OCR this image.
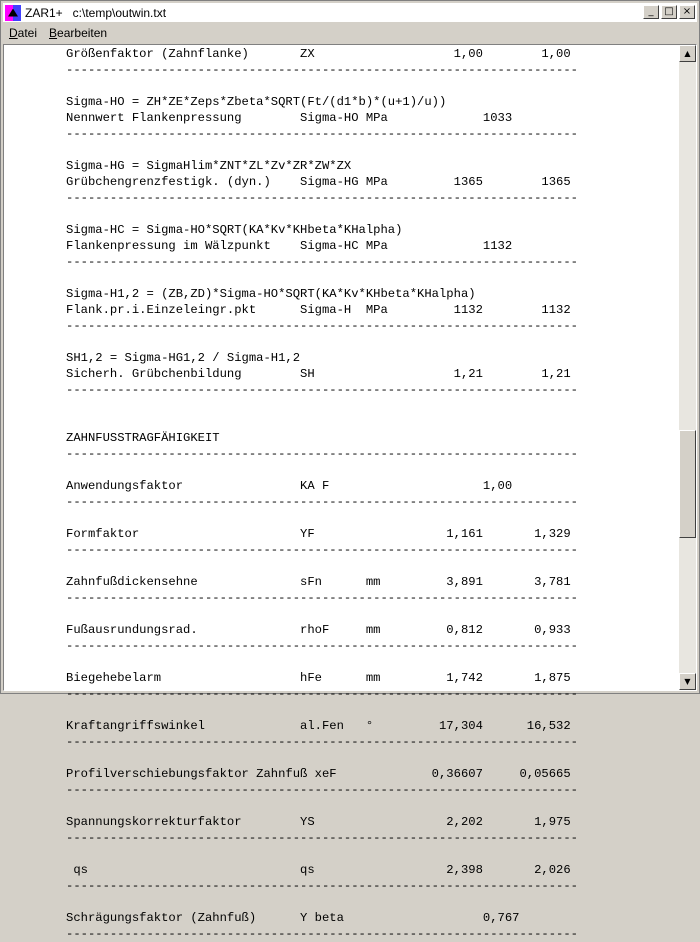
ZAR1+   c:\temp\outwin.txt	_	□ ×
Datei	Bearbeiten
Größenfaktor (Zahnflanke)       ZX                   1,00        1,00
----------------------------------------------------------------------
Sigma-HO = ZH*ZE*Zeps*Zbeta*SQRT(Ft/(d1*b)*(u+1)/u))
Nennwert Flankenpressung        Sigma-HO MPa             1033
----------------------------------------------------------------------
Sigma-HG = SigmaHlim*ZNT*ZL*Zv*ZR*ZW*ZX
Grübchengrenzfestigk. (dyn.)    Sigma-HG MPa         1365        1365
----------------------------------------------------------------------
Sigma-HC = Sigma-HO*SQRT(KA*Kv*KHbeta*KHalpha)
Flankenpressung im Wälzpunkt    Sigma-HC MPa             1132
----------------------------------------------------------------------
Sigma-H1,2 = (ZB,ZD)*Sigma-HO*SQRT(KA*Kv*KHbeta*KHalpha)
Flank.pr.i.Einzeleingr.pkt      Sigma-H  MPa         1132        1132
----------------------------------------------------------------------
SH1,2 = Sigma-HG1,2 / Sigma-H1,2
Sicherh. Grübchenbildung        SH                   1,21        1,21
----------------------------------------------------------------------
ZAHNFUSSTRAGFÄHIGKEIT
----------------------------------------------------------------------
Anwendungsfaktor                KA F                     1,00
----------------------------------------------------------------------
Formfaktor                      YF                  1,161       1,329
----------------------------------------------------------------------
Zahnfußdickensehne              sFn      mm         3,891       3,781
----------------------------------------------------------------------
Fußausrundungsrad.              rhoF     mm         0,812       0,933
----------------------------------------------------------------------
Biegehebelarm                   hFe      mm         1,742       1,875
----------------------------------------------------------------------
Kraftangriffswinkel             al.Fen   °         17,304      16,532
----------------------------------------------------------------------
Profilverschiebungsfaktor Zahnfuß xeF             0,36607     0,05665
----------------------------------------------------------------------
Spannungskorrekturfaktor        YS                  2,202       1,975
----------------------------------------------------------------------
qs                             qs                  2,398       2,026
----------------------------------------------------------------------
Schrägungsfaktor (Zahnfuß)      Y beta                   0,767
----------------------------------------------------------------------
▲
▼
